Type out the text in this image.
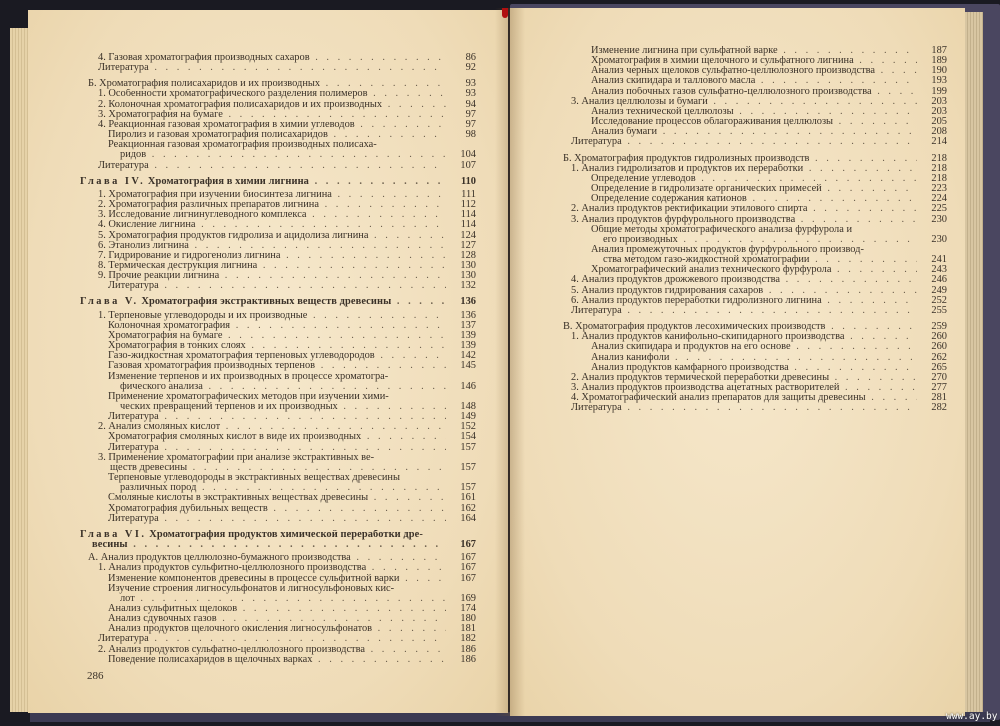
4. Газовая хроматография производных сахаров . . .	86
Литература . . .	92
Б. Хроматография полисахаридов и их производных . . .	93
1. Особенности хроматографического разделения полимеров . . .	93
2. Колоночная хроматография полисахаридов и их производных . . .	94
3. Хроматография на бумаге . . .	97
4. Реакционная газовая хроматография в химии углеводов . . .	97
Пиролиз и газовая хроматография полисахаридов . . .	98
Реакционная газовая хроматография производных полисаха-
ридов . . .	104
Литература . . .	107
Глава IV. Хроматография в химии лигнина . . .	110
1. Хроматография при изучении биосинтеза лигнина . . .	111
2. Хроматография различных препаратов лигнина . . .	112
3. Исследование лигнинуглеводного комплекса . . .	114
4. Окисление лигнина . . .	114
5. Хроматография продуктов гидролиза и ацидолиза лигнина . . .	124
6. Этанолиз лигнина . . .	127
7. Гидрирование и гидрогенолиз лигнина . . .	128
8. Термическая деструкция лигнина . . .	130
9. Прочие реакции лигнина . . .	130
Литература . . .	132
Глава V. Хроматография экстрактивных веществ древесины . . .	136
1. Терпеновые углеводороды и их производные . . .	136
Колоночная хроматография . . .	137
Хроматография на бумаге . . .	139
Хроматография в тонких слоях . . .	139
Газо-жидкостная хроматография терпеновых углеводородов . . .	142
Газовая хроматография производных терпенов . . .	145
Изменение терпенов и их производных в процессе хроматогра-
фического анализа . . .	146
Применение хроматографических методов при изучении хими-
ческих превращений терпенов и их производных . . .	148
Литература . . .	149
2. Анализ смоляных кислот . . .	152
Хроматография смоляных кислот в виде их производных . . .	154
Литература . . .	157
3. Применение хроматографии при анализе экстрактивных ве-
ществ древесины . . .	157
Терпеновые углеводороды в экстрактивных веществах древесины
различных пород . . .	157
Смоляные кислоты в экстрактивных веществах древесины . . .	161
Хроматография дубильных веществ . . .	162
Литература . . .	164
Глава VI. Хроматография продуктов химической переработки дре-
весины . . .	167
А. Анализ продуктов целлюлозно-бумажного производства . . .	167
1. Анализ продуктов сульфитно-целлюлозного производства . . .	167
Изменение компонентов древесины в процессе сульфитной варки . . .	167
Изучение строения лигносульфонатов и лигносульфоновых кис-
лот . . .	169
Анализ сульфитных щелоков . . .	174
Анализ сдувочных газов . . .	180
Анализ продуктов щелочного окисления лигносульфонатов . . .	181
Литература . . .	182
2. Анализ продуктов сульфатно-целлюлозного производства . . .	186
Поведение полисахаридов в щелочных варках . . .	186
Изменение лигнина при сульфатной варке . . .	187
Хроматография в химии щелочного и сульфатного лигнина . . .	189
Анализ черных щелоков сульфатно-целлюлозного производства . . .	190
Анализ скипидара и таллового масла . . .	193
Анализ побочных газов сульфатно-целлюлозного производства . . .	199
3. Анализ целлюлозы и бумаги . . .	203
Анализ технической целлюлозы . . .	203
Исследование процессов облагораживания целлюлозы . . .	205
Анализ бумаги . . .	208
Литература . . .	214
Б. Хроматография продуктов гидролизных производств . . .	218
1. Анализ гидролизатов и продуктов их переработки . . .	218
Определение углеводов . . .	218
Определение в гидролизате органических примесей . . .	223
Определение содержания катионов . . .	224
2. Анализ продуктов ректификации этилового спирта . . .	225
3. Анализ продуктов фурфурольного производства . . .	230
Общие методы хроматографического анализа фурфурола и
его производных . . .	230
Анализ промежуточных продуктов фурфурольного производ-
ства методом газо-жидкостной хроматографии . . .	241
Хроматографический анализ технического фурфурола . . .	243
4. Анализ продуктов дрожжевого производства . . .	246
5. Анализ продуктов гидрирования сахаров . . .	249
6. Анализ продуктов переработки гидролизного лигнина . . .	252
Литература . . .	255
В. Хроматография продуктов лесохимических производств . . .	259
1. Анализ продуктов канифольно-скипидарного производства . . .	260
Анализ скипидара и продуктов на его основе . . .	260
Анализ канифоли . . .	262
Анализ продуктов камфарного производства . . .	265
2. Анализ продуктов термической переработки древесины . . .	270
3. Анализ продуктов производства ацетатных растворителей . . .	277
4. Хроматографический анализ препаратов для защиты древесины . . .	281
Литература . . .	282
286
www.ay.by
